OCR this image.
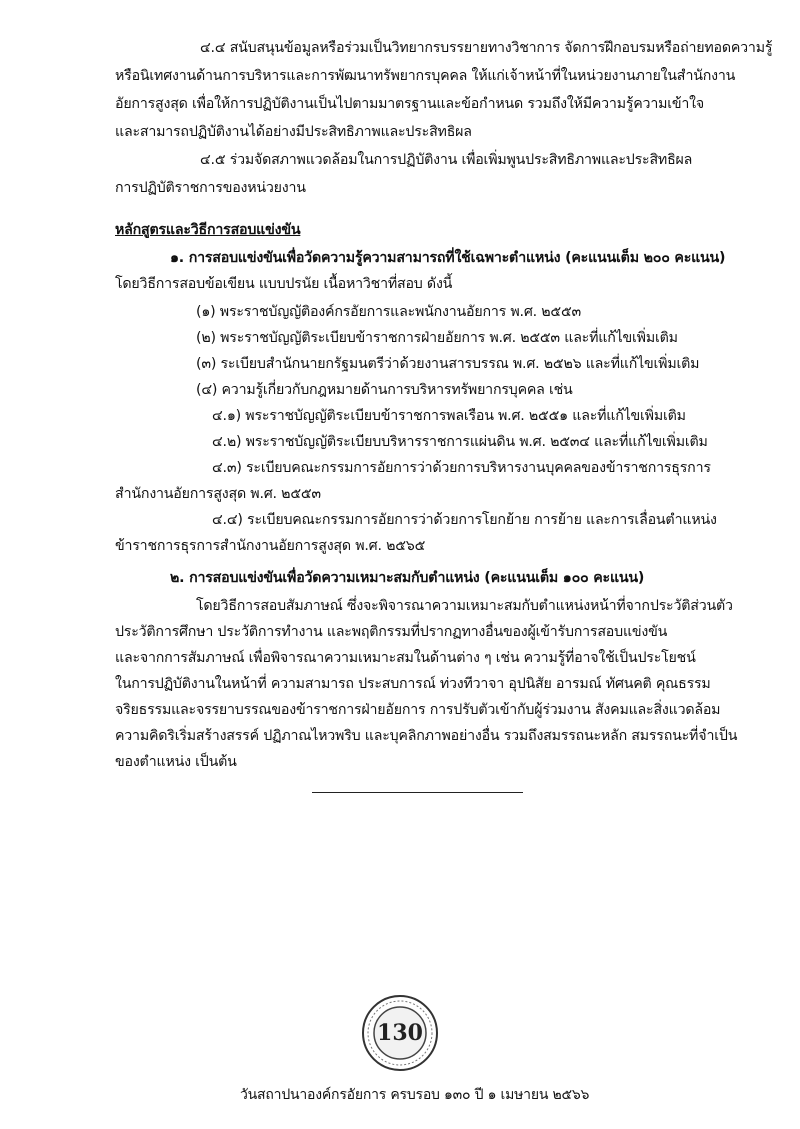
๔.๔ สนับสนุนข้อมูลหรือร่วมเป็นวิทยากรบรรยายทางวิชาการ จัดการฝึกอบรมหรือถ่ายทอดความรู้
หรือนิเทศงานด้านการบริหารและการพัฒนาทรัพยากรบุคคล ให้แก่เจ้าหน้าที่ในหน่วยงานภายในสำนักงาน
อัยการสูงสุด เพื่อให้การปฏิบัติงานเป็นไปตามมาตรฐานและข้อกำหนด รวมถึงให้มีความรู้ความเข้าใจ
และสามารถปฏิบัติงานได้อย่างมีประสิทธิภาพและประสิทธิผล
๔.๕ ร่วมจัดสภาพแวดล้อมในการปฏิบัติงาน เพื่อเพิ่มพูนประสิทธิภาพและประสิทธิผล
การปฏิบัติราชการของหน่วยงาน
หลักสูตรและวิธีการสอบแข่งขัน
๑. การสอบแข่งขันเพื่อวัดความรู้ความสามารถที่ใช้เฉพาะตำแหน่ง (คะแนนเต็ม ๒๐๐ คะแนน)
โดยวิธีการสอบข้อเขียน แบบปรนัย เนื้อหาวิชาที่สอบ ดังนี้
(๑) พระราชบัญญัติองค์กรอัยการและพนักงานอัยการ พ.ศ. ๒๕๕๓
(๒) พระราชบัญญัติระเบียบข้าราชการฝ่ายอัยการ พ.ศ. ๒๕๕๓ และที่แก้ไขเพิ่มเติม
(๓) ระเบียบสำนักนายกรัฐมนตรีว่าด้วยงานสารบรรณ พ.ศ. ๒๕๒๖ และที่แก้ไขเพิ่มเติม
(๔) ความรู้เกี่ยวกับกฎหมายด้านการบริหารทรัพยากรบุคคล เช่น
๔.๑) พระราชบัญญัติระเบียบข้าราชการพลเรือน พ.ศ. ๒๕๕๑ และที่แก้ไขเพิ่มเติม
๔.๒) พระราชบัญญัติระเบียบบริหารราชการแผ่นดิน พ.ศ. ๒๕๓๔ และที่แก้ไขเพิ่มเติม
๔.๓) ระเบียบคณะกรรมการอัยการว่าด้วยการบริหารงานบุคคลของข้าราชการธุรการ
สำนักงานอัยการสูงสุด พ.ศ. ๒๕๕๓
๔.๔) ระเบียบคณะกรรมการอัยการว่าด้วยการโยกย้าย การย้าย และการเลื่อนตำแหน่ง
ข้าราชการธุรการสำนักงานอัยการสูงสุด พ.ศ. ๒๕๖๕
๒. การสอบแข่งขันเพื่อวัดความเหมาะสมกับตำแหน่ง (คะแนนเต็ม ๑๐๐ คะแนน)
โดยวิธีการสอบสัมภาษณ์ ซึ่งจะพิจารณาความเหมาะสมกับตำแหน่งหน้าที่จากประวัติส่วนตัว
ประวัติการศึกษา ประวัติการทำงาน และพฤติกรรมที่ปรากฏทางอื่นของผู้เข้ารับการสอบแข่งขัน
และจากการสัมภาษณ์ เพื่อพิจารณาความเหมาะสมในด้านต่าง ๆ เช่น ความรู้ที่อาจใช้เป็นประโยชน์
ในการปฏิบัติงานในหน้าที่ ความสามารถ ประสบการณ์ ท่วงทีวาจา อุปนิสัย อารมณ์ ทัศนคติ คุณธรรม
จริยธรรมและจรรยาบรรณของข้าราชการฝ่ายอัยการ การปรับตัวเข้ากับผู้ร่วมงาน สังคมและสิ่งแวดล้อม
ความคิดริเริ่มสร้างสรรค์ ปฏิภาณไหวพริบ และบุคลิกภาพอย่างอื่น รวมถึงสมรรถนะหลัก สมรรถนะที่จำเป็น
ของตำแหน่ง เป็นต้น
130
วันสถาปนาองค์กรอัยการ ครบรอบ ๑๓๐ ปี ๑ เมษายน ๒๕๖๖
